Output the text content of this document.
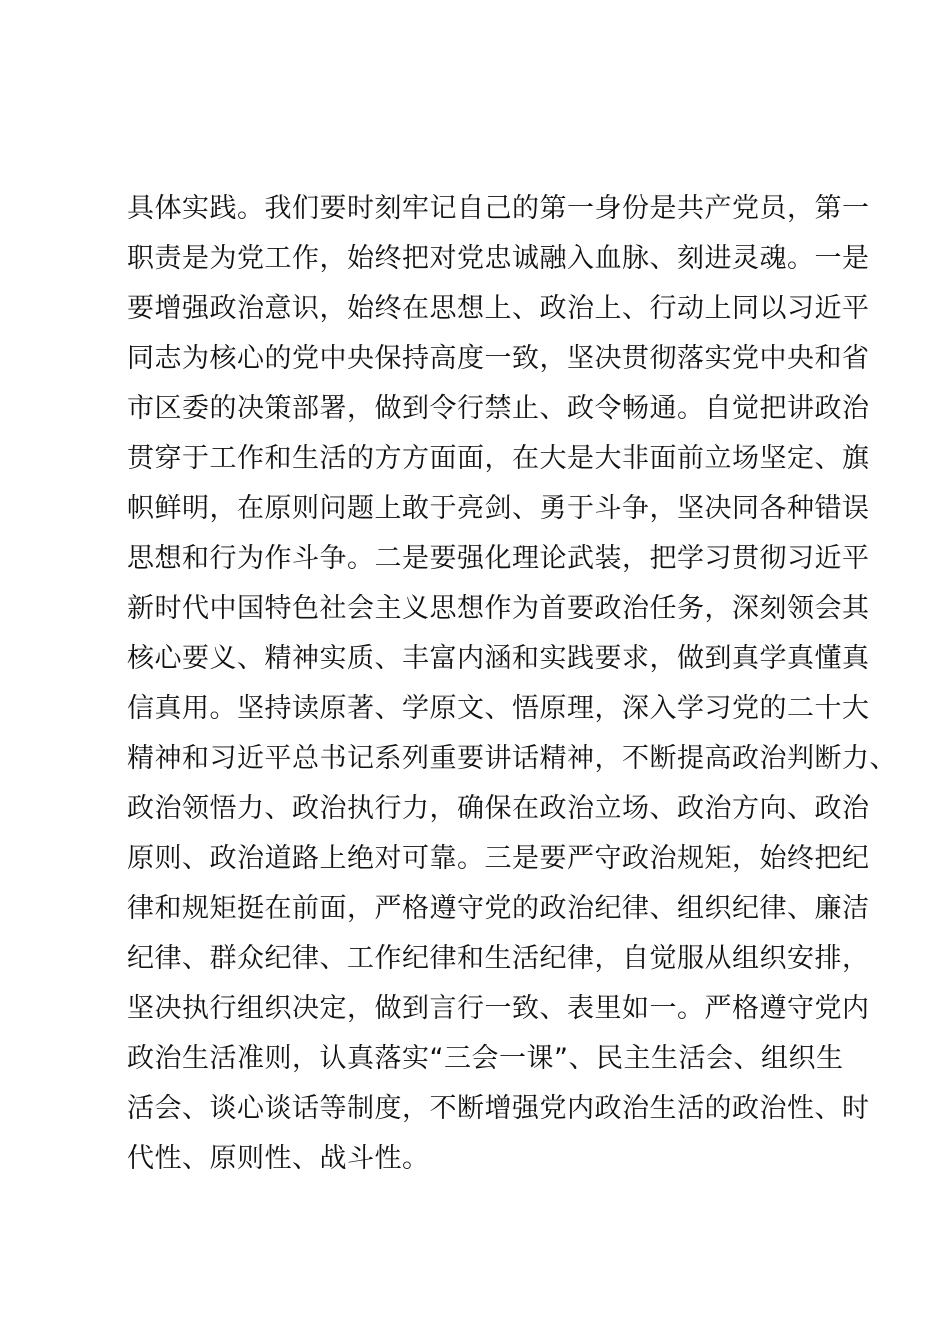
具体实践。我们要时刻牢记自己的第一身份是共产党员，第一
职责是为党工作，始终把对党忠诚融入血脉、刻进灵魂。一是
要增强政治意识，始终在思想上、政治上、行动上同以习近平
同志为核心的党中央保持高度一致，坚决贯彻落实党中央和省
市区委的决策部署，做到令行禁止、政令畅通。自觉把讲政治
贯穿于工作和生活的方方面面，在大是大非面前立场坚定、旗
帜鲜明，在原则问题上敢于亮剑、勇于斗争，坚决同各种错误
思想和行为作斗争。二是要强化理论武装，把学习贯彻习近平
新时代中国特色社会主义思想作为首要政治任务，深刻领会其
核心要义、精神实质、丰富内涵和实践要求，做到真学真懂真
信真用。坚持读原著、学原文、悟原理，深入学习党的二十大
精神和习近平总书记系列重要讲话精神，不断提高政治判断力、
政治领悟力、政治执行力，确保在政治立场、政治方向、政治
原则、政治道路上绝对可靠。三是要严守政治规矩，始终把纪
律和规矩挺在前面，严格遵守党的政治纪律、组织纪律、廉洁
纪律、群众纪律、工作纪律和生活纪律，自觉服从组织安排，
坚决执行组织决定，做到言行一致、表里如一。严格遵守党内
政治生活准则，认真落实“三会一课”、民主生活会、组织生
活会、谈心谈话等制度，不断增强党内政治生活的政治性、时
代性、原则性、战斗性。
